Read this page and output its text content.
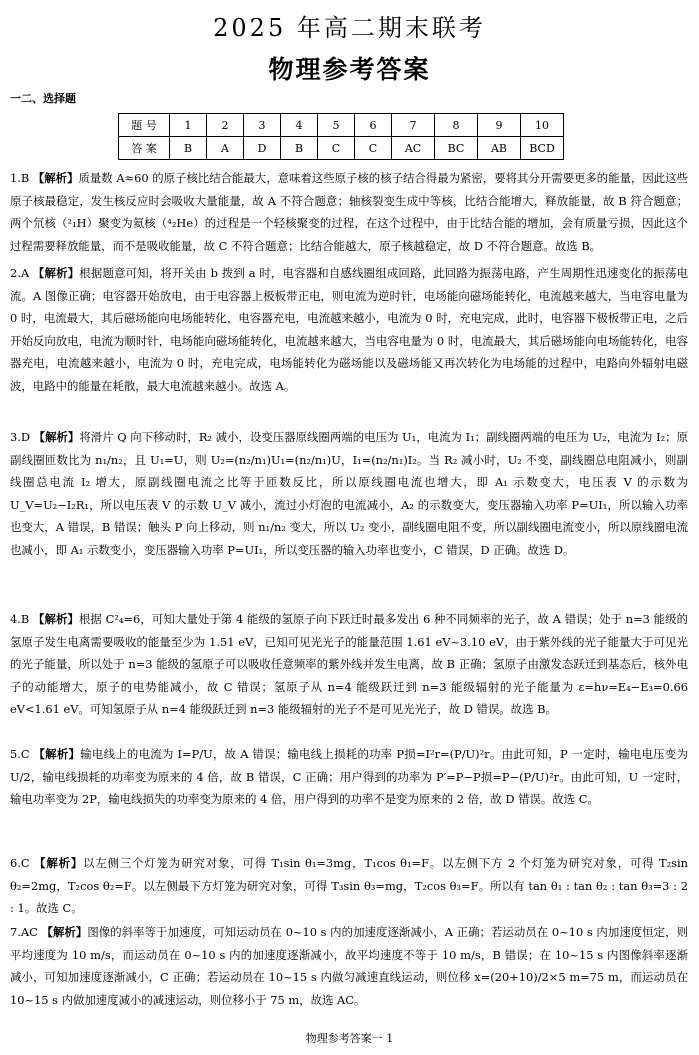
2025 年高二期末联考
物理参考答案
一二、选择题
题 号	1	2	3	4	5	6	7	8	9	10
答 案	B	A	D	B	C	C	AC	BC	AB	BCD
1.B 【解析】质量数 A≈60 的原子核比结合能最大，意味着这些原子核的核子结合得最为紧密，要将其分开需要更多的能量，因此这些原子核最稳定，发生核反应时会吸收大量能量，故 A 不符合题意；轴核裂变生成中等核，比结合能增大，释放能量，故 B 符合题意；两个氘核（²₁H）聚变为氦核（⁴₂He）的过程是一个轻核聚变的过程，在这个过程中，由于比结合能的增加，会有质量亏损，因此这个过程需要释放能量，而不是吸收能量，故 C 不符合题意；比结合能越大，原子核越稳定，故 D 不符合题意。故选 B。
2.A 【解析】根据题意可知，将开关由 b 拨到 a 时，电容器和自感线圈组成回路，此回路为振荡电路，产生周期性迅速变化的振荡电流。A 图像正确；电容器开始放电，由于电容器上极板带正电，则电流为逆时针，电场能向磁场能转化，电流越来越大，当电容电量为 0 时，电流最大，其后磁场能向电场能转化，电容器充电，电流越来越小，电流为 0 时，充电完成，此时，电容器下极板带正电，之后开始反向放电，电流为顺时针，电场能向磁场能转化，电流越来越大，当电容电量为 0 时，电流最大，其后磁场能向电场能转化，电容器充电，电流越来越小，电流为 0 时，充电完成，电场能转化为磁场能以及磁场能又再次转化为电场能的过程中，电路向外辐射电磁波，电路中的能量在耗散，最大电流越来越小。故选 A。
3.D 【解析】将滑片 Q 向下移动时，R₂ 减小，设变压器原线圈两端的电压为 U₁，电流为 I₁；副线圈两端的电压为 U₂，电流为 I₂；原副线圈匝数比为 n₁/n₂，且 U₁=U，则 U₂=(n₂/n₁)U₁=(n₂/n₁)U，I₁=(n₂/n₁)I₂。当 R₂ 减小时，U₂ 不变，副线圈总电阻减小，则副线圈总电流 I₂ 增大，原副线圈电流之比等于匝数反比，所以原线圈电流也增大，即 A₁ 示数变大，电压表 V 的示数为 U_V=U₂−I₂R₁，所以电压表 V 的示数 U_V 减小，流过小灯泡的电流减小，A₂ 的示数变大，变压器输入功率 P=UI₁，所以输入功率也变大，A 错误，B 错误；触头 P 向上移动，则 n₁/n₂ 变大，所以 U₂ 变小，副线圈电阻不变，所以副线圈电流变小，所以原线圈电流也减小，即 A₁ 示数变小，变压器输入功率 P=UI₁，所以变压器的输入功率也变小，C 错误，D 正确。故选 D。
4.B 【解析】根据 C²₄=6，可知大量处于第 4 能级的氢原子向下跃迁时最多发出 6 种不同频率的光子，故 A 错误；处于 n=3 能级的氢原子发生电离需要吸收的能量至少为 1.51 eV，已知可见光光子的能量范围 1.61 eV~3.10 eV，由于紫外线的光子能量大于可见光的光子能量，所以处于 n=3 能级的氢原子可以吸收任意频率的紫外线并发生电离，故 B 正确；氢原子由激发态跃迁到基态后，核外电子的动能增大，原子的电势能减小，故 C 错误；氢原子从 n=4 能级跃迁到 n=3 能级辐射的光子能量为 ε=hν=E₄−E₃=0.66 eV<1.61 eV。可知氢原子从 n=4 能级跃迁到 n=3 能级辐射的光子不是可见光光子，故 D 错误。故选 B。
5.C 【解析】输电线上的电流为 I=P/U，故 A 错误；输电线上损耗的功率 P损=I²r=(P/U)²r。由此可知，P 一定时，输电电压变为 U/2，输电线损耗的功率变为原来的 4 倍，故 B 错误，C 正确；用户得到的功率为 P′=P−P损=P−(P/U)²r。由此可知，U 一定时，输电功率变为 2P，输电线损失的功率变为原来的 4 倍，用户得到的功率不是变为原来的 2 倍，故 D 错误。故选 C。
6.C 【解析】以左侧三个灯笼为研究对象，可得 T₁sin θ₁=3mg，T₁cos θ₁=F。以左侧下方 2 个灯笼为研究对象，可得 T₂sin θ₂=2mg，T₂cos θ₂=F。以左侧最下方灯笼为研究对象，可得 T₃sin θ₃=mg，T₂cos θ₃=F。所以有 tan θ₁ : tan θ₂ : tan θ₃=3 : 2 : 1。故选 C。
7.AC 【解析】图像的斜率等于加速度，可知运动员在 0~10 s 内的加速度逐渐减小，A 正确；若运动员在 0~10 s 内加速度恒定，则平均速度为 10 m/s，而运动员在 0~10 s 内的加速度逐渐减小，故平均速度不等于 10 m/s，B 错误；在 10~15 s 内图像斜率逐渐减小，可知加速度逐渐减小，C 正确；若运动员在 10~15 s 内做匀减速直线运动，则位移 x=(20+10)/2×5 m=75 m，而运动员在 10~15 s 内做加速度减小的减速运动，则位移小于 75 m，故选 AC。
物理参考答案一 1
